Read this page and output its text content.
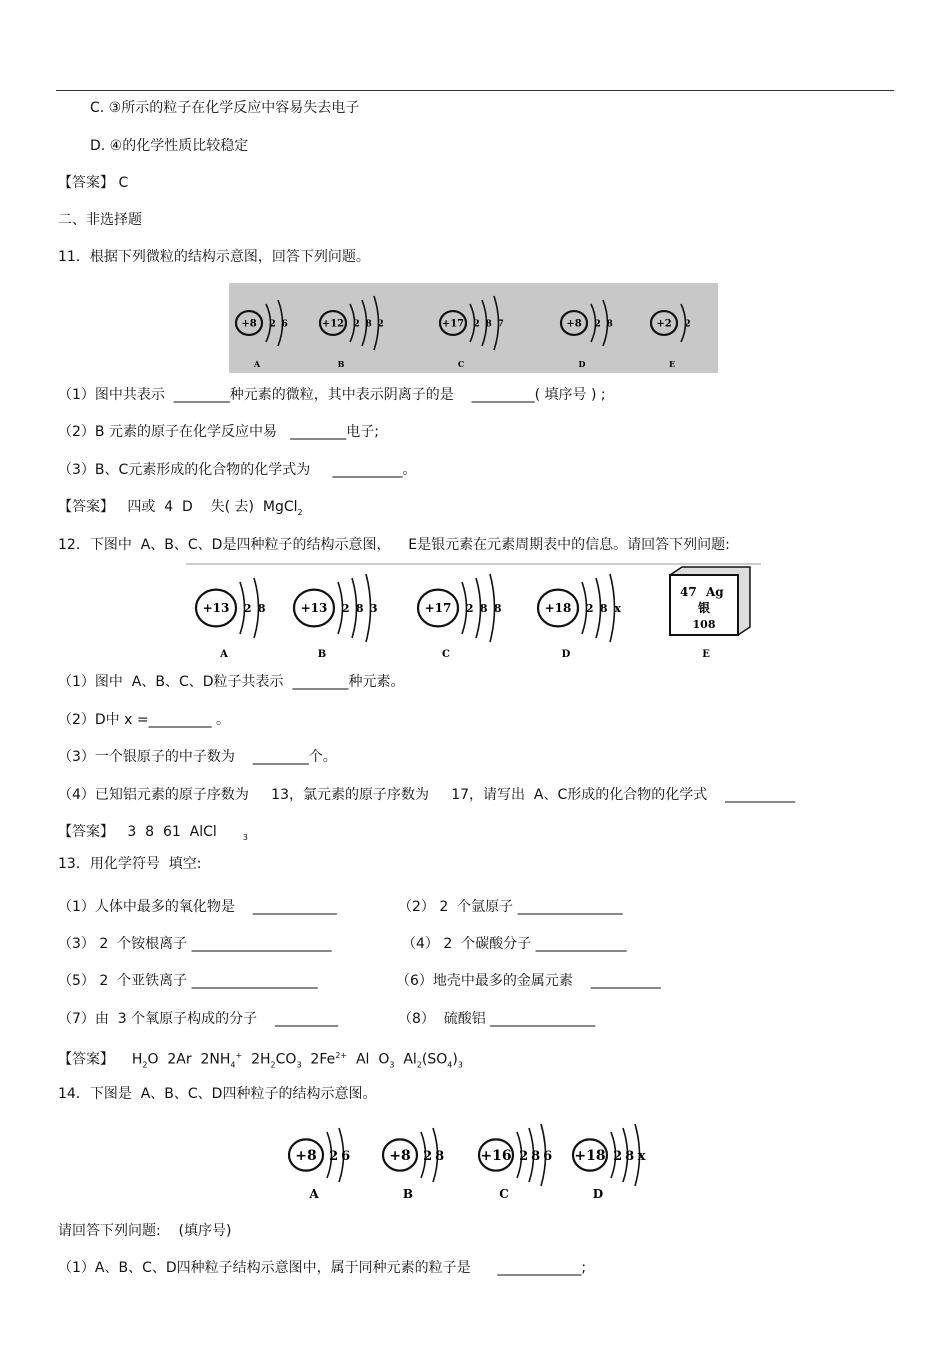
C. ③所示的粒子在化学反应中容易失去电子
D. ④的化学性质比较稳定
【答案】 C
二、非选择题
11．根据下列微粒的结构示意图，回答下列问题。
+8 2 6
A
+12 2 8 2
B
+17 2 8 7
C
+8 2 8
D
+2 2
E
（1）图中共表示  ________种元素的微粒，其中表示阴离子的是    _________( 填序号 ) ;
（2）B 元素的原子在化学反应中易   ________电子;
（3）B、C元素形成的化合物的化学式为     __________。
【答案】   四或  4  D    失( 去)  MgCl$_2$
12．下图中  A、B、C、D是四种粒子的结构示意图，    E是银元素在元素周期表中的信息。请回答下列问题:
+13 2 8
A
+13 2 8 3
B
+17 2 8 8
C
+18 2 8 x
D
47 Ag
银
108
E
（1）图中  A、B、C、D粒子共表示  ________种元素。
（2）D中 x =_________ 。
（3）一个银原子的中子数为    ________个。
（4）已知铝元素的原子序数为     13，氯元素的原子序数为     17，请写出  A、C形成的化合物的化学式    __________
【答案】   3  8  61  AlCl	$_3$
13．用化学符号  填空:
（1）人体中最多的氧化物是    ____________	（2） 2  个氩原子 _______________
（3） 2  个铵根离子 ____________________	（4） 2  个碳酸分子 _____________
（5） 2  个亚铁离子 __________________	（6）地壳中最多的金属元素    __________
（7）由  3 个氧原子构成的分子    _________	（8）  硫酸铝 _______________
【答案】 $H_2O$  2Ar  $2NH_4^+$  $2H_2CO_3$  $2Fe^{2+}$  Al  $O_3$  $Al_2(SO_4)_3$
14．下图是  A、B、C、D四种粒子的结构示意图。
+8 2 6
A
+8 2 8
B
+16 2 8 6
C
+18 2 8 x
D
请回答下列问题:    (填序号)
（1）A、B、C、D四种粒子结构示意图中，属于同种元素的粒子是      ____________;
